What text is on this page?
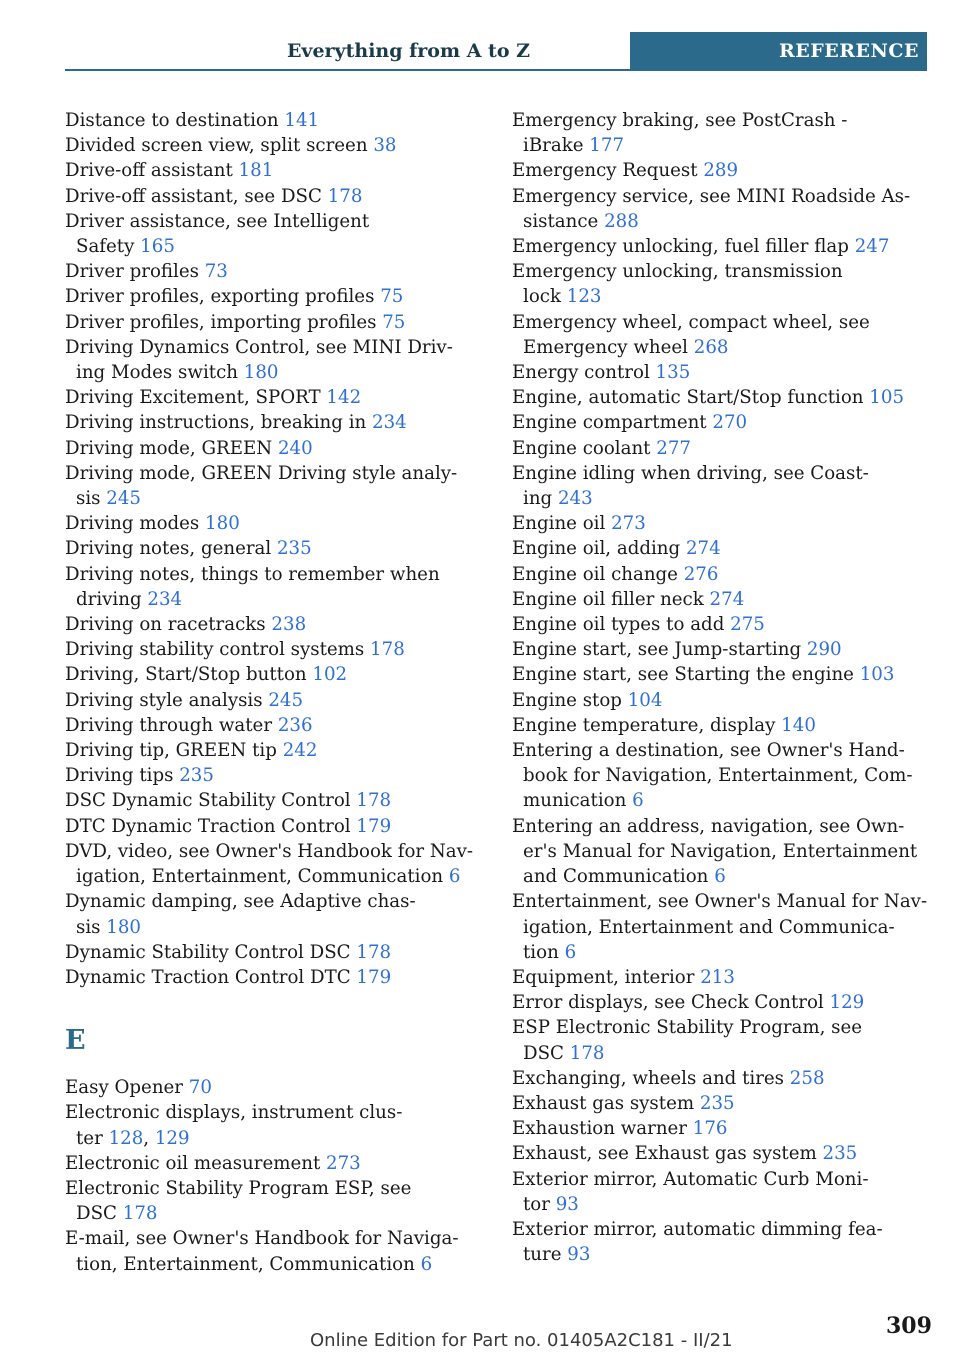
Everything from A to Z	REFERENCE
Distance to destination 141
Divided screen view, split screen 38
Drive-off assistant 181
Drive-off assistant, see DSC 178
Driver assistance, see Intelligent
Safety 165
Driver profiles 73
Driver profiles, exporting profiles 75
Driver profiles, importing profiles 75
Driving Dynamics Control, see MINI Driv-
ing Modes switch 180
Driving Excitement, SPORT 142
Driving instructions, breaking in 234
Driving mode, GREEN 240
Driving mode, GREEN Driving style analy-
sis 245
Driving modes 180
Driving notes, general 235
Driving notes, things to remember when
driving 234
Driving on racetracks 238
Driving stability control systems 178
Driving, Start/Stop button 102
Driving style analysis 245
Driving through water 236
Driving tip, GREEN tip 242
Driving tips 235
DSC Dynamic Stability Control 178
DTC Dynamic Traction Control 179
DVD, video, see Owner's Handbook for Nav-
igation, Entertainment, Communication 6
Dynamic damping, see Adaptive chas-
sis 180
Dynamic Stability Control DSC 178
Dynamic Traction Control DTC 179
E
Easy Opener 70
Electronic displays, instrument clus-
ter 128, 129
Electronic oil measurement 273
Electronic Stability Program ESP, see
DSC 178
E-mail, see Owner's Handbook for Naviga-
tion, Entertainment, Communication 6
Emergency braking, see PostCrash -
iBrake 177
Emergency Request 289
Emergency service, see MINI Roadside As-
sistance 288
Emergency unlocking, fuel filler flap 247
Emergency unlocking, transmission
lock 123
Emergency wheel, compact wheel, see
Emergency wheel 268
Energy control 135
Engine, automatic Start/Stop function 105
Engine compartment 270
Engine coolant 277
Engine idling when driving, see Coast-
ing 243
Engine oil 273
Engine oil, adding 274
Engine oil change 276
Engine oil filler neck 274
Engine oil types to add 275
Engine start, see Jump-starting 290
Engine start, see Starting the engine 103
Engine stop 104
Engine temperature, display 140
Entering a destination, see Owner's Hand-
book for Navigation, Entertainment, Com-
munication 6
Entering an address, navigation, see Own-
er's Manual for Navigation, Entertainment
and Communication 6
Entertainment, see Owner's Manual for Nav-
igation, Entertainment and Communica-
tion 6
Equipment, interior 213
Error displays, see Check Control 129
ESP Electronic Stability Program, see
DSC 178
Exchanging, wheels and tires 258
Exhaust gas system 235
Exhaustion warner 176
Exhaust, see Exhaust gas system 235
Exterior mirror, Automatic Curb Moni-
tor 93
Exterior mirror, automatic dimming fea-
ture 93
309
Online Edition for Part no. 01405A2C181 - II/21
